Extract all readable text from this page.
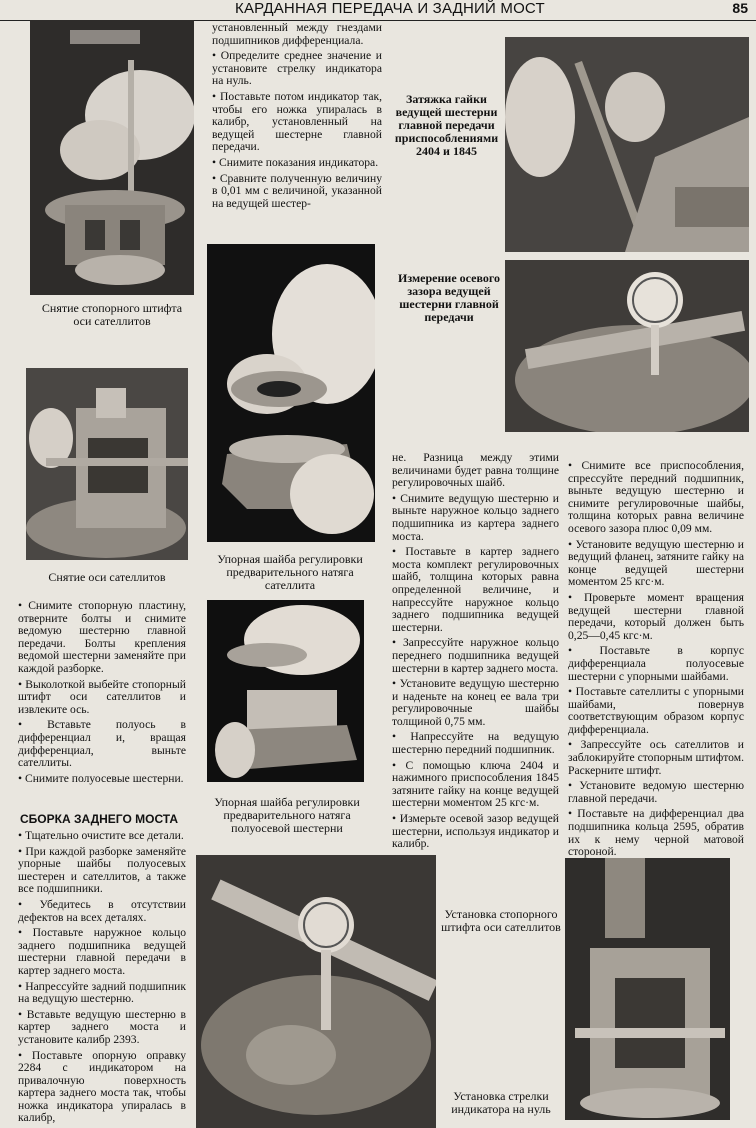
КАРДАННАЯ ПЕРЕДАЧА И ЗАДНИЙ МОСТ	85
Снятие стопорного штифта оси сателлитов
Снятие оси сателлитов

• Снимите стопорную пластину, отверните болты и снимите ведомую шестерню главной передачи. Болты крепления ведомой шестерни заменяйте при каждой разборке.

• Выколоткой выбейте стопорный штифт оси сателлитов и извлеките ось.

• Вставьте полуось в дифференциал и, вращая дифференциал, выньте сателлиты.

• Снимите полуосевые шестерни.

СБОРКА ЗАДНЕГО МОСТА

• Тщательно очистите все детали.

• При каждой разборке заменяйте упорные шайбы полуосевых шестерен и сателлитов, а также все подшипники.

• Убедитесь в отсутствии дефектов на всех деталях.

• Поставьте наружное кольцо заднего подшипника ведущей шестерни главной передачи в картер заднего моста.

• Напрессуйте задний подшипник на ведущую шестерню.

• Вставьте ведущую шестерню в картер заднего моста и установите калибр 2393.

• Поставьте опорную оправку 2284 с индикатором на привалочную поверхность картера заднего моста так, чтобы ножка индикатора упиралась в калибр,

установленный между гнездами подшипников дифференциала.

• Определите среднее значение и установите стрелку индикатора на нуль.

• Поставьте потом индикатор так, чтобы его ножка упиралась в калибр, установленный на ведущей шестерне главной передачи.

• Снимите показания индикатора.

• Сравните полученную величину в 0,01 мм с величиной, указанной на ведущей шестер-

Упорная шайба регулировки предварительного натяга сателлита
Упорная шайба регулировки предварительного натяга полуосевой шестерни
Затяжка гайки ведущей шестерни главной передачи приспособлениями 2404 и 1845
Измерение осевого зазора ведущей шестерни главной передачи

не. Разница между этими величинами будет равна толщине регулировочных шайб.

• Снимите ведущую шестерню и выньте наружное кольцо заднего подшипника из картера заднего моста.

• Поставьте в картер заднего моста комплект регулировочных шайб, толщина которых равна определенной величине, и напрессуйте наружное кольцо заднего подшипника ведущей шестерни.

• Запрессуйте наружное кольцо переднего подшипника ведущей шестерни в картер заднего моста.

• Установите ведущую шестерню и наденьте на конец ее вала три регулировочные шайбы толщиной 0,75 мм.

• Напрессуйте на ведущую шестерню передний подшипник.

• С помощью ключа 2404 и нажимного приспособления 1845 затяните гайку на конце ведущей шестерни моментом 25 кгс·м.

• Измерьте осевой зазор ведущей шестерни, используя индикатор и калибр.

• Снимите все приспособления, спрессуйте передний подшипник, выньте ведущую шестерню и снимите регулировочные шайбы, толщина которых равна величине осевого зазора плюс 0,09 мм.

• Установите ведущую шестерню и ведущий фланец, затяните гайку на конце ведущей шестерни моментом 25 кгс·м.

• Проверьте момент вращения ведущей шестерни главной передачи, который должен быть 0,25—0,45 кгс·м.

• Поставьте в корпус дифференциала полуосевые шестерни с упорными шайбами.

• Поставьте сателлиты с упорными шайбами, повернув соответствующим образом корпус дифференциала.

• Запрессуйте ось сателлитов и заблокируйте стопорным штифтом. Раскерните штифт.

• Установите ведомую шестерню главной передачи.

• Поставьте на дифференциал два подшипника кольца 2595, обратив их к нему черной матовой стороной.

Установка стопорного штифта оси сателлитов
Установка стрелки индикатора на нуль
